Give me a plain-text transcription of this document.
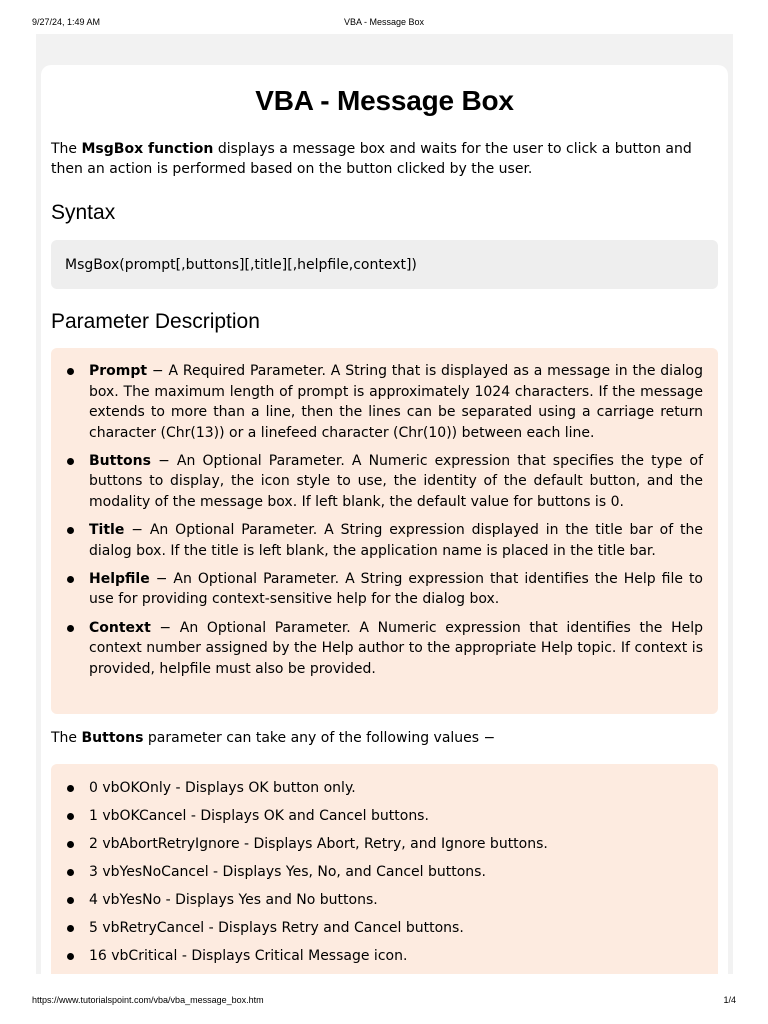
9/27/24, 1:49 AM	VBA - Message Box
VBA - Message Box

The MsgBox function displays a message box and waits for the user to click a button and then an action is performed based on the button clicked by the user.

Syntax
MsgBox(prompt[,buttons][,title][,helpfile,context])
Parameter Description
Prompt − A Required Parameter. A String that is displayed as a message in the dialog box. The maximum length of prompt is approximately 1024 characters. If the message extends to more than a line, then the lines can be separated using a carriage return character (Chr(13)) or a linefeed character (Chr(10)) between each line.
Buttons − An Optional Parameter. A Numeric expression that specifies the type of buttons to display, the icon style to use, the identity of the default button, and the modality of the message box. If left blank, the default value for buttons is 0.
Title − An Optional Parameter. A String expression displayed in the title bar of the dialog box. If the title is left blank, the application name is placed in the title bar.
Helpfile − An Optional Parameter. A String expression that identifies the Help file to use for providing context-sensitive help for the dialog box.
Context − An Optional Parameter. A Numeric expression that identifies the Help context number assigned by the Help author to the appropriate Help topic. If context is provided, helpfile must also be provided.

The Buttons parameter can take any of the following values −

0 vbOKOnly - Displays OK button only.
1 vbOKCancel - Displays OK and Cancel buttons.
2 vbAbortRetryIgnore - Displays Abort, Retry, and Ignore buttons.
3 vbYesNoCancel - Displays Yes, No, and Cancel buttons.
4 vbYesNo - Displays Yes and No buttons.
5 vbRetryCancel - Displays Retry and Cancel buttons.
16 vbCritical - Displays Critical Message icon.
https://www.tutorialspoint.com/vba/vba_message_box.htm	1/4
